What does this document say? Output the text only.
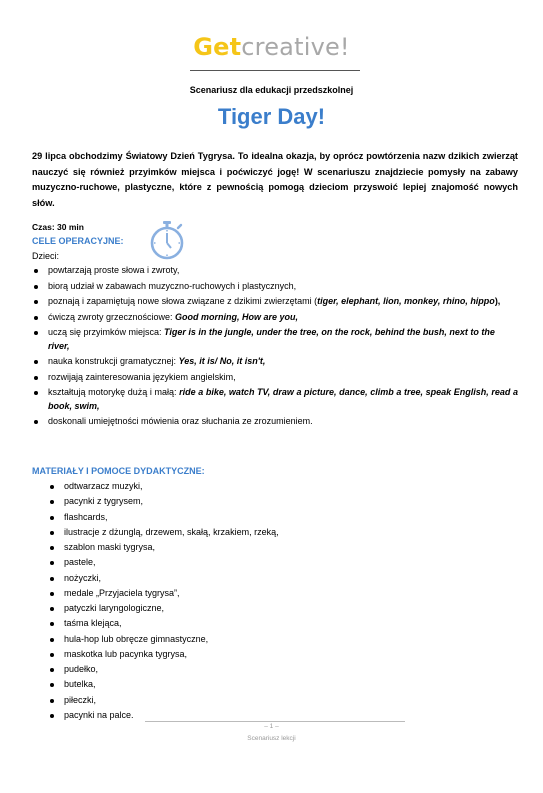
Getcreative!
Scenariusz dla edukacji przedszkolnej
Tiger Day!
29 lipca obchodzimy Światowy Dzień Tygrysa. To idealna okazja, by oprócz powtórzenia nazw dzikich zwierząt nauczyć się również przyimków miejsca i poćwiczyć jogę! W scenariuszu znajdziecie pomysły na zabawy muzyczno-ruchowe, plastyczne, które z pewnością pomogą dzieciom przyswoić lepiej znajomość nowych słów.
Czas: 30 min
CELE OPERACYJNE:
Dzieci:
powtarzają proste słowa i zwroty,
biorą udział w zabawach muzyczno-ruchowych i plastycznych,
poznają i zapamiętują nowe słowa związane z dzikimi zwierzętami (tiger, elephant, lion, monkey, rhino, hippo),
ćwiczą zwroty grzecznościowe: Good morning, How are you,
uczą się przyimków miejsca: Tiger is in the jungle, under the tree, on the rock, behind the bush, next to the river,
nauka konstrukcji gramatycznej: Yes, it is/ No, it isn't,
rozwijają zainteresowania językiem angielskim,
kształtują motorykę dużą i małą: ride a bike, watch TV, draw a picture, dance, climb a tree, speak English, read a book, swim,
doskonali umiejętności mówienia oraz słuchania ze zrozumieniem.
MATERIAŁY I POMOCE DYDAKTYCZNE:
odtwarzacz muzyki,
pacynki z tygrysem,
flashcards,
ilustracje z dżunglą, drzewem, skałą, krzakiem, rzeką,
szablon maski tygrysa,
pastele,
nożyczki,
medale „Przyjaciela tygrysa”,
patyczki laryngologiczne,
taśma klejąca,
hula-hop lub obręcze gimnastyczne,
maskotka lub pacynka tygrysa,
pudełko,
butelka,
piłeczki,
pacynki na palce.
– 1 –
Scenariusz lekcji
